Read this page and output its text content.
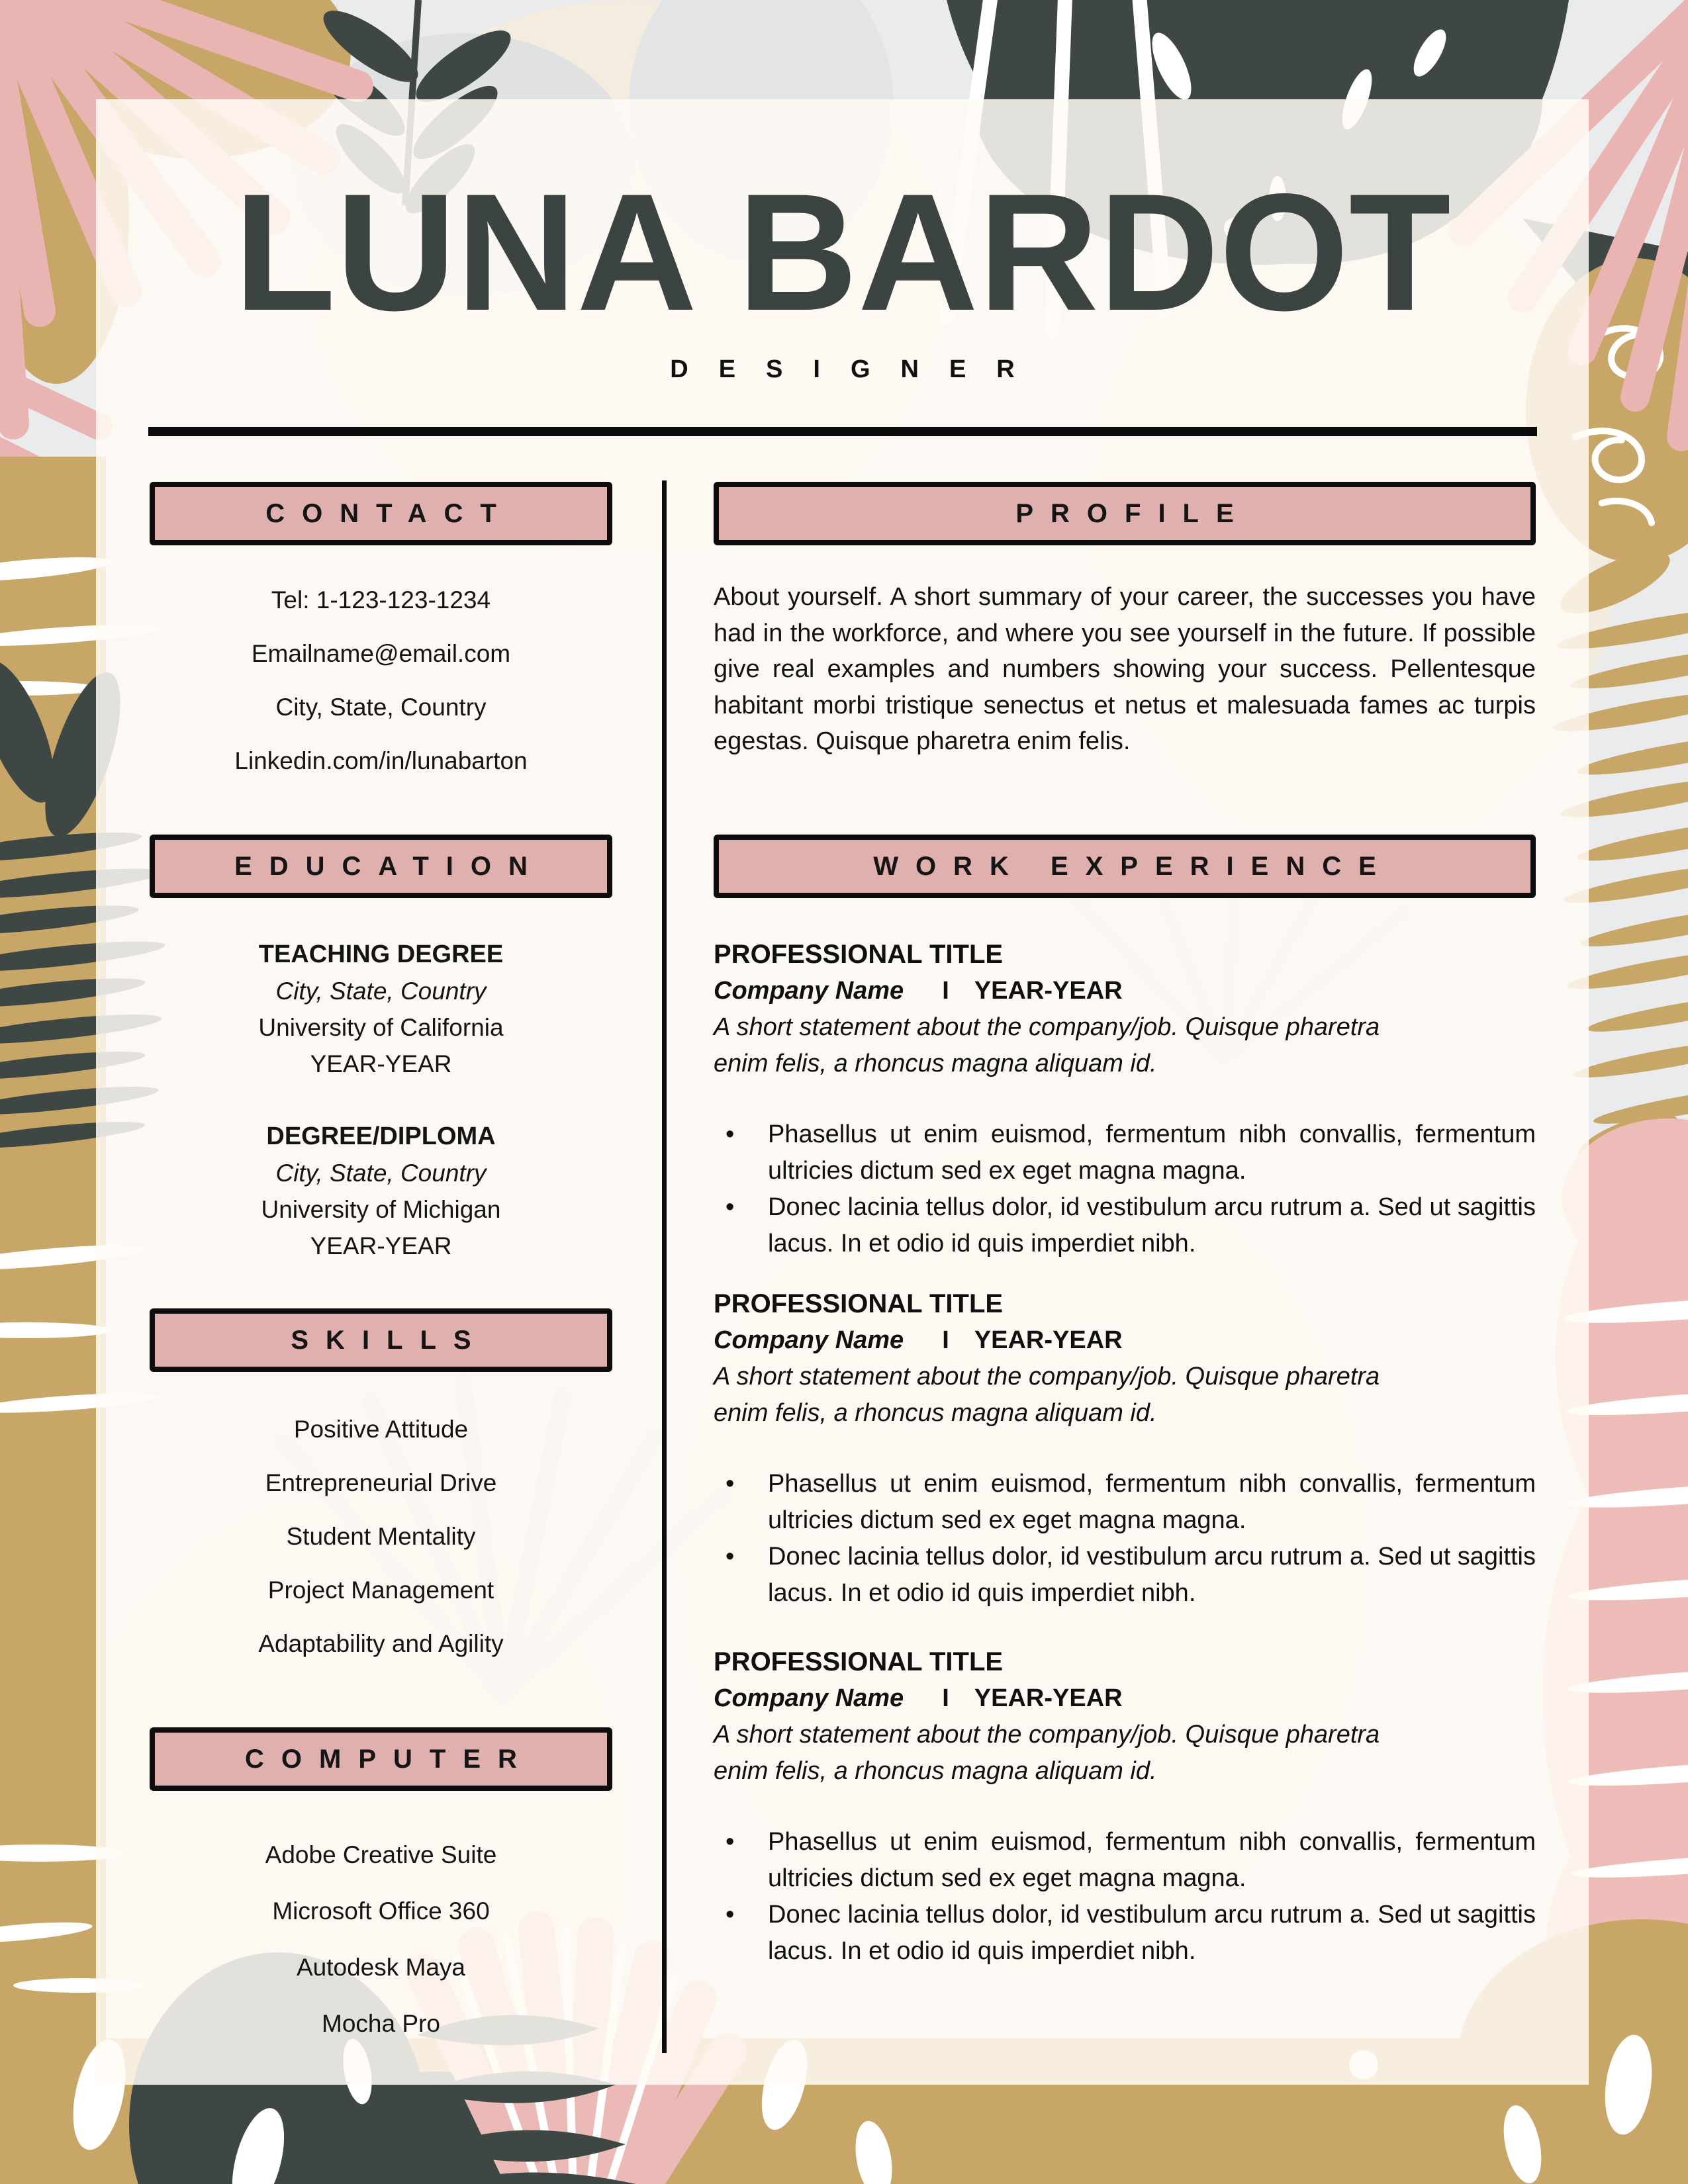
LUNA BARDOT
DESIGNER
CONTACT
Tel: 1-123-123-1234
Emailname@email.com
City, State, Country
Linkedin.com/in/lunabarton
EDUCATION
TEACHING DEGREE
City, State, Country
University of California
YEAR-YEAR
DEGREE/DIPLOMA
City, State, Country
University of Michigan
YEAR-YEAR
SKILLS
Positive Attitude
Entrepreneurial Drive
Student Mentality
Project Management
Adaptability and Agility
COMPUTER
Adobe Creative Suite
Microsoft Office 360
Autodesk Maya
Mocha Pro
PROFILE
About yourself. A short summary of your career, the successes you have had in the workforce, and where you see yourself in the future. If possible give real examples and numbers showing your success. Pellentesque habitant morbi tristique senectus et netus et malesuada fames ac turpis egestas. Quisque pharetra enim felis.
WORK EXPERIENCE
PROFESSIONAL TITLE
Company Name I YEAR-YEAR
A short statement about the company/job. Quisque pharetra enim felis, a rhoncus magna aliquam id.
• Phasellus ut enim euismod, fermentum nibh convallis, fermentum ultricies dictum sed ex eget magna magna.
• Donec lacinia tellus dolor, id vestibulum arcu rutrum a. Sed ut sagittis lacus. In et odio id quis imperdiet nibh.
PROFESSIONAL TITLE
Company Name I YEAR-YEAR
A short statement about the company/job. Quisque pharetra enim felis, a rhoncus magna aliquam id.
• Phasellus ut enim euismod, fermentum nibh convallis, fermentum ultricies dictum sed ex eget magna magna.
• Donec lacinia tellus dolor, id vestibulum arcu rutrum a. Sed ut sagittis lacus. In et odio id quis imperdiet nibh.
PROFESSIONAL TITLE
Company Name I YEAR-YEAR
A short statement about the company/job. Quisque pharetra enim felis, a rhoncus magna aliquam id.
• Phasellus ut enim euismod, fermentum nibh convallis, fermentum ultricies dictum sed ex eget magna magna.
• Donec lacinia tellus dolor, id vestibulum arcu rutrum a. Sed ut sagittis lacus. In et odio id quis imperdiet nibh.
